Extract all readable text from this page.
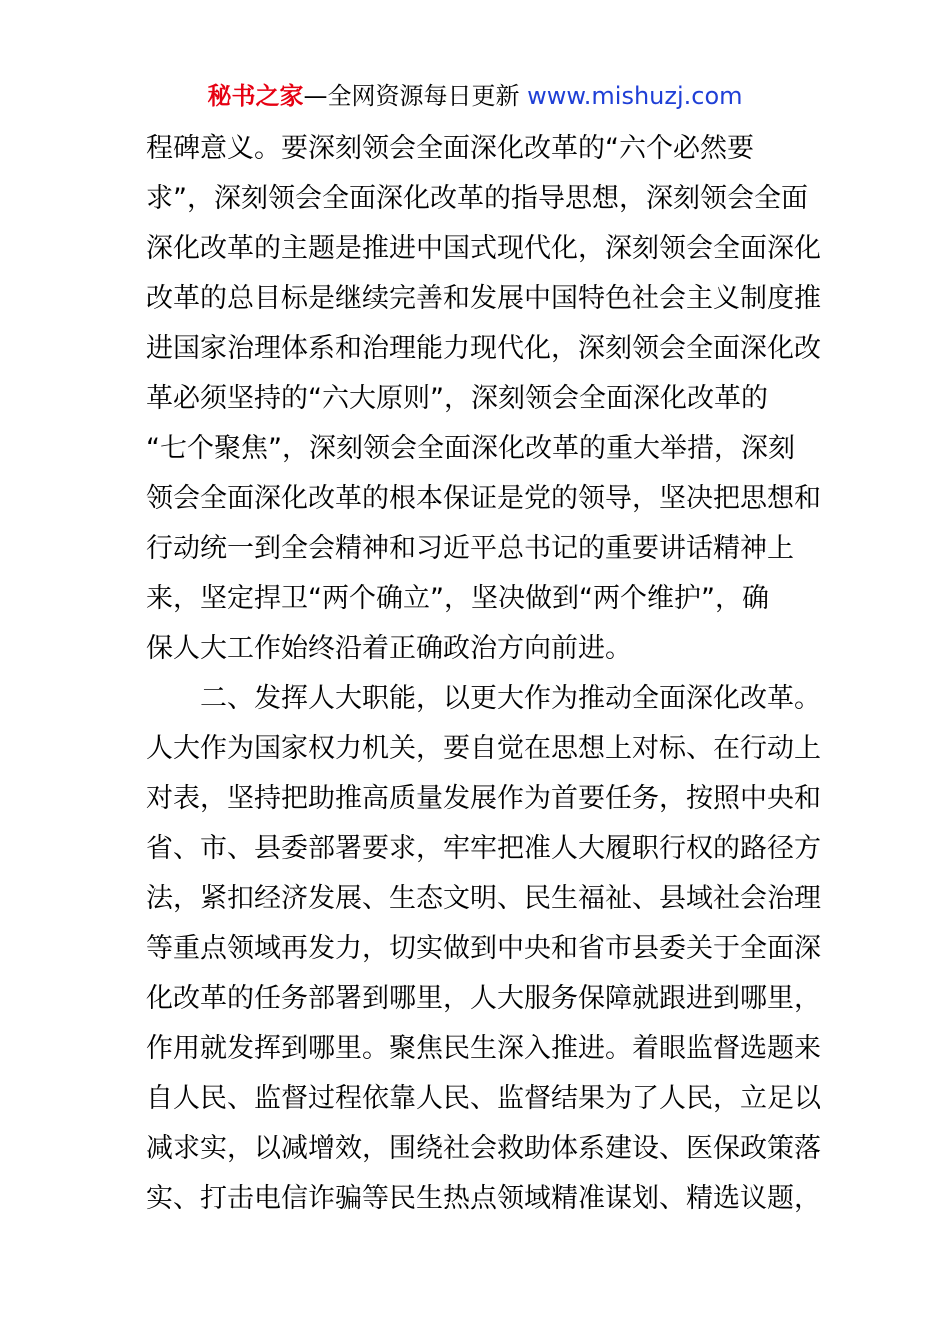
秘书之家—全网资源每日更新 www.mishuzj.com
程碑意义。要深刻领会全面深化改革的“六个必然要
求”，深刻领会全面深化改革的指导思想，深刻领会全面
深化改革的主题是推进中国式现代化，深刻领会全面深化
改革的总目标是继续完善和发展中国特色社会主义制度推
进国家治理体系和治理能力现代化，深刻领会全面深化改
革必须坚持的“六大原则”，深刻领会全面深化改革的
“七个聚焦”，深刻领会全面深化改革的重大举措，深刻
领会全面深化改革的根本保证是党的领导，坚决把思想和
行动统一到全会精神和习近平总书记的重要讲话精神上
来，坚定捍卫“两个确立”，坚决做到“两个维护”，确
保人大工作始终沿着正确政治方向前进。
二、发挥人大职能，以更大作为推动全面深化改革。
人大作为国家权力机关，要自觉在思想上对标、在行动上
对表，坚持把助推高质量发展作为首要任务，按照中央和
省、市、县委部署要求，牢牢把准人大履职行权的路径方
法，紧扣经济发展、生态文明、民生福祉、县域社会治理
等重点领域再发力，切实做到中央和省市县委关于全面深
化改革的任务部署到哪里，人大服务保障就跟进到哪里，
作用就发挥到哪里。聚焦民生深入推进。着眼监督选题来
自人民、监督过程依靠人民、监督结果为了人民，立足以
减求实，以减增效，围绕社会救助体系建设、医保政策落
实、打击电信诈骗等民生热点领域精准谋划、精选议题，
